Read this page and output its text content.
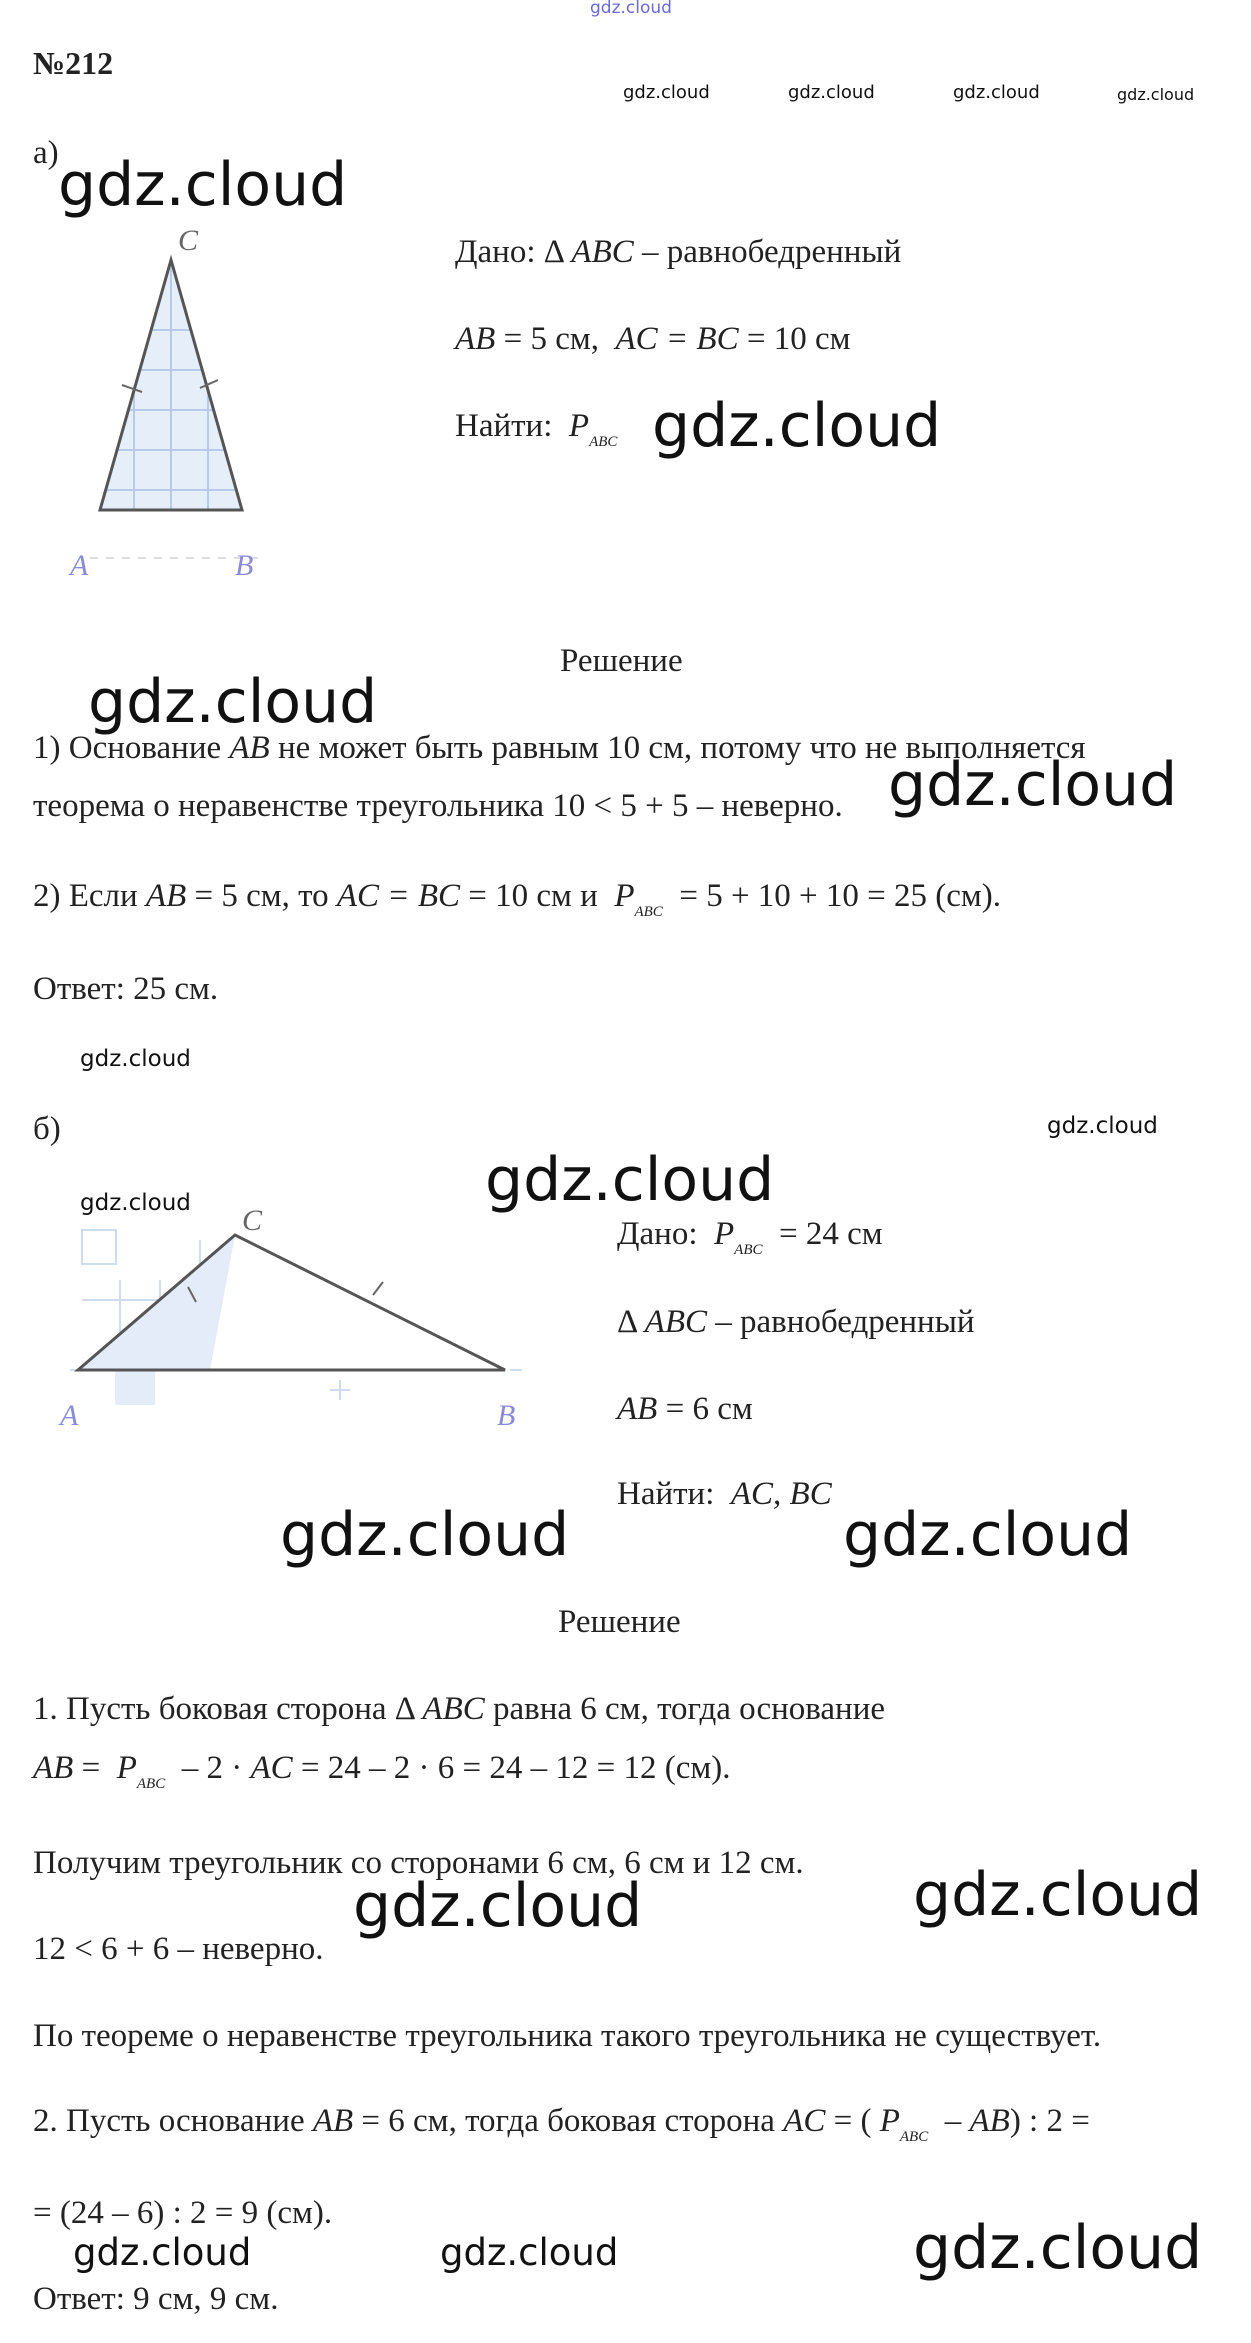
gdz.cloud
gdz.cloud	gdz.cloud	gdz.cloud	gdz.cloud
gdz.cloud
gdz.cloud
gdz.cloud
gdz.cloud
gdz.cloud
gdz.cloud
gdz.cloud
gdz.cloud
gdz.cloud	gdz.cloud
gdz.cloud	gdz.cloud
gdz.cloud	gdz.cloud	gdz.cloud
№212
а)
C
A	B
Дано: Δ ABC – равнобедренный
AB = 5 см, AC = BC = 10 см
Найти: $P_{ABC}$
Решение
1) Основание AB не может быть равным 10 см, потому что не выполняется
теорема о неравенстве треугольника 10 < 5 + 5 – неверно.
2) Если AB = 5 см, то AC = BC = 10 см и $P_{ABC} = 5 + 10 + 10 = 25$ (см).
Ответ: 25 см.
б)
C
A	B
Дано: $P_{ABC} = 24$ см
Δ ABC – равнобедренный
AB = 6 см
Найти: AC, BC
Решение
1. Пусть боковая сторона Δ ABC равна 6 см, тогда основание
AB = $P_{ABC} - 2$ · AC = 24 – 2 · 6 = 24 – 12 = 12 (см).
Получим треугольник со сторонами 6 см, 6 см и 12 см.
12 < 6 + 6 – неверно.
По теореме о неравенстве треугольника такого треугольника не существует.
2. Пусть основание AB = 6 см, тогда боковая сторона AC = ( $P_{ABC} - AB$) : 2 =
= (24 – 6) : 2 = 9 (см).
Ответ: 9 см, 9 см.
